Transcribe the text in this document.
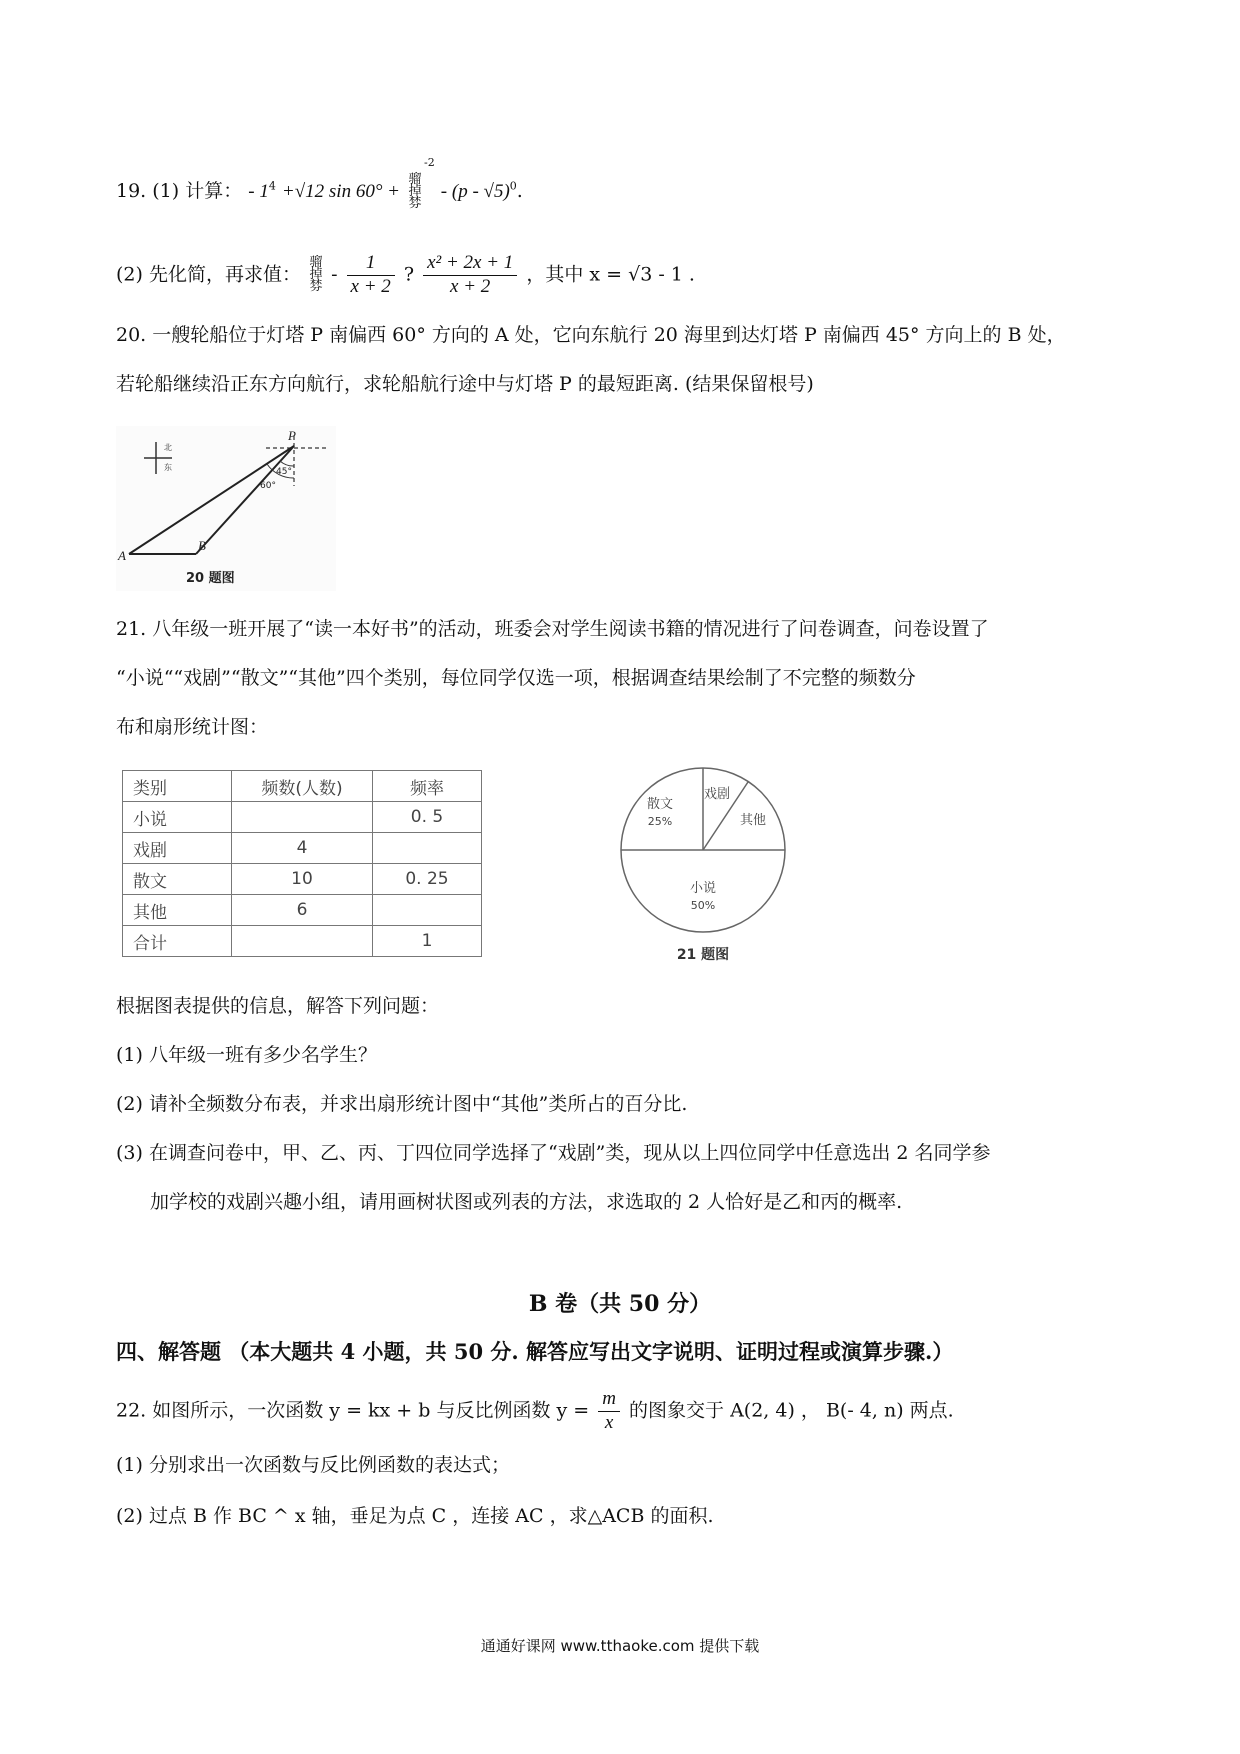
19. (1) 计算： - $1^4 +√12$ sin 60° + 骝
掉
棼$^{-2}$ - (p - √5)$^0$.
(2) 先化简，再求值： 骝
掉
棼 - $\frac{1}{x + 2}$ ? $\frac{\text{x² + 2x + 1}}{x + 2}$ ，其中 x = √3 - 1 .
20. 一艘轮船位于灯塔 P 南偏西 60° 方向的 A 处，它向东航行 20 海里到达灯塔 P 南偏西 45° 方向上的 B 处，
若轮船继续沿正东方向航行，求轮船航行途中与灯塔 P 的最短距离. (结果保留根号)
北
东
P
A
B
45°
60°
20 题图
21. 八年级一班开展了“读一本好书”的活动，班委会对学生阅读书籍的情况进行了问卷调查，问卷设置了
“小说““戏剧”“散文”“其他”四个类别，每位同学仅选一项，根据调查结果绘制了不完整的频数分
布和扇形统计图：
类别	频数(人数)	频率
小说		0. 5
戏剧	4	
散文	10	0. 25
其他	6	
合计		1
散文
25%
戏剧
其他
小说
50%
21 题图
根据图表提供的信息，解答下列问题：
(1) 八年级一班有多少名学生？
(2) 请补全频数分布表，并求出扇形统计图中“其他”类所占的百分比.
(3) 在调查问卷中，甲、乙、丙、丁四位同学选择了“戏剧”类，现从以上四位同学中任意选出 2 名同学参
加学校的戏剧兴趣小组，请用画树状图或列表的方法，求选取的 2 人恰好是乙和丙的概率.
B 卷（共 50 分）
四、解答题 （本大题共 4 小题，共 50 分. 解答应写出文字说明、证明过程或演算步骤.）
22. 如图所示，一次函数 y = kx + b 与反比例函数 $y = \frac{m}{x}$ 的图象交于 A(2, 4) ， B(- 4, n) 两点.
(1) 分别求出一次函数与反比例函数的表达式；
(2) 过点 B 作 BC ^ x 轴，垂足为点 C ，连接 AC ，求△ACB 的面积.
通通好课网 www.tthaoke.com 提供下载
